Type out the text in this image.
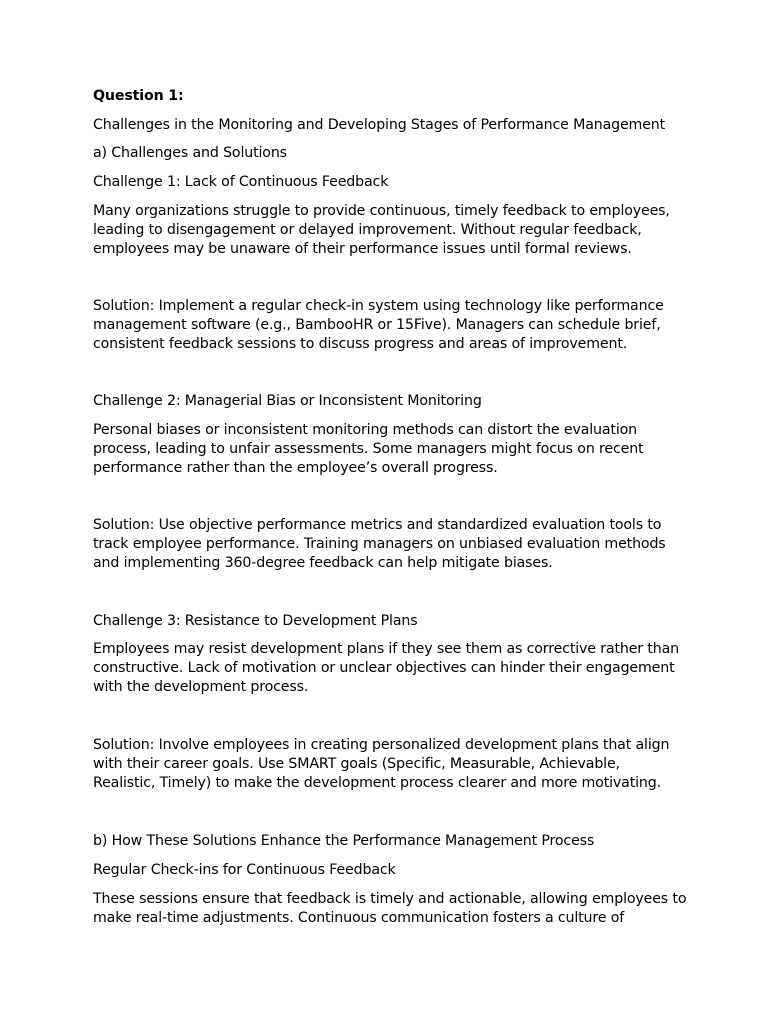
Question 1:

Challenges in the Monitoring and Developing Stages of Performance Management

a) Challenges and Solutions

Challenge 1: Lack of Continuous Feedback

Many organizations struggle to provide continuous, timely feedback to employees,
leading to disengagement or delayed improvement. Without regular feedback,
employees may be unaware of their performance issues until formal reviews.
Solution: Implement a regular check-in system using technology like performance
management software (e.g., BambooHR or 15Five). Managers can schedule brief,
consistent feedback sessions to discuss progress and areas of improvement.

Challenge 2: Managerial Bias or Inconsistent Monitoring

Personal biases or inconsistent monitoring methods can distort the evaluation
process, leading to unfair assessments. Some managers might focus on recent
performance rather than the employee’s overall progress.
Solution: Use objective performance metrics and standardized evaluation tools to
track employee performance. Training managers on unbiased evaluation methods
and implementing 360-degree feedback can help mitigate biases.

Challenge 3: Resistance to Development Plans

Employees may resist development plans if they see them as corrective rather than
constructive. Lack of motivation or unclear objectives can hinder their engagement
with the development process.
Solution: Involve employees in creating personalized development plans that align
with their career goals. Use SMART goals (Specific, Measurable, Achievable,
Realistic, Timely) to make the development process clearer and more motivating.

b) How These Solutions Enhance the Performance Management Process

Regular Check-ins for Continuous Feedback

These sessions ensure that feedback is timely and actionable, allowing employees to
make real-time adjustments. Continuous communication fosters a culture of
